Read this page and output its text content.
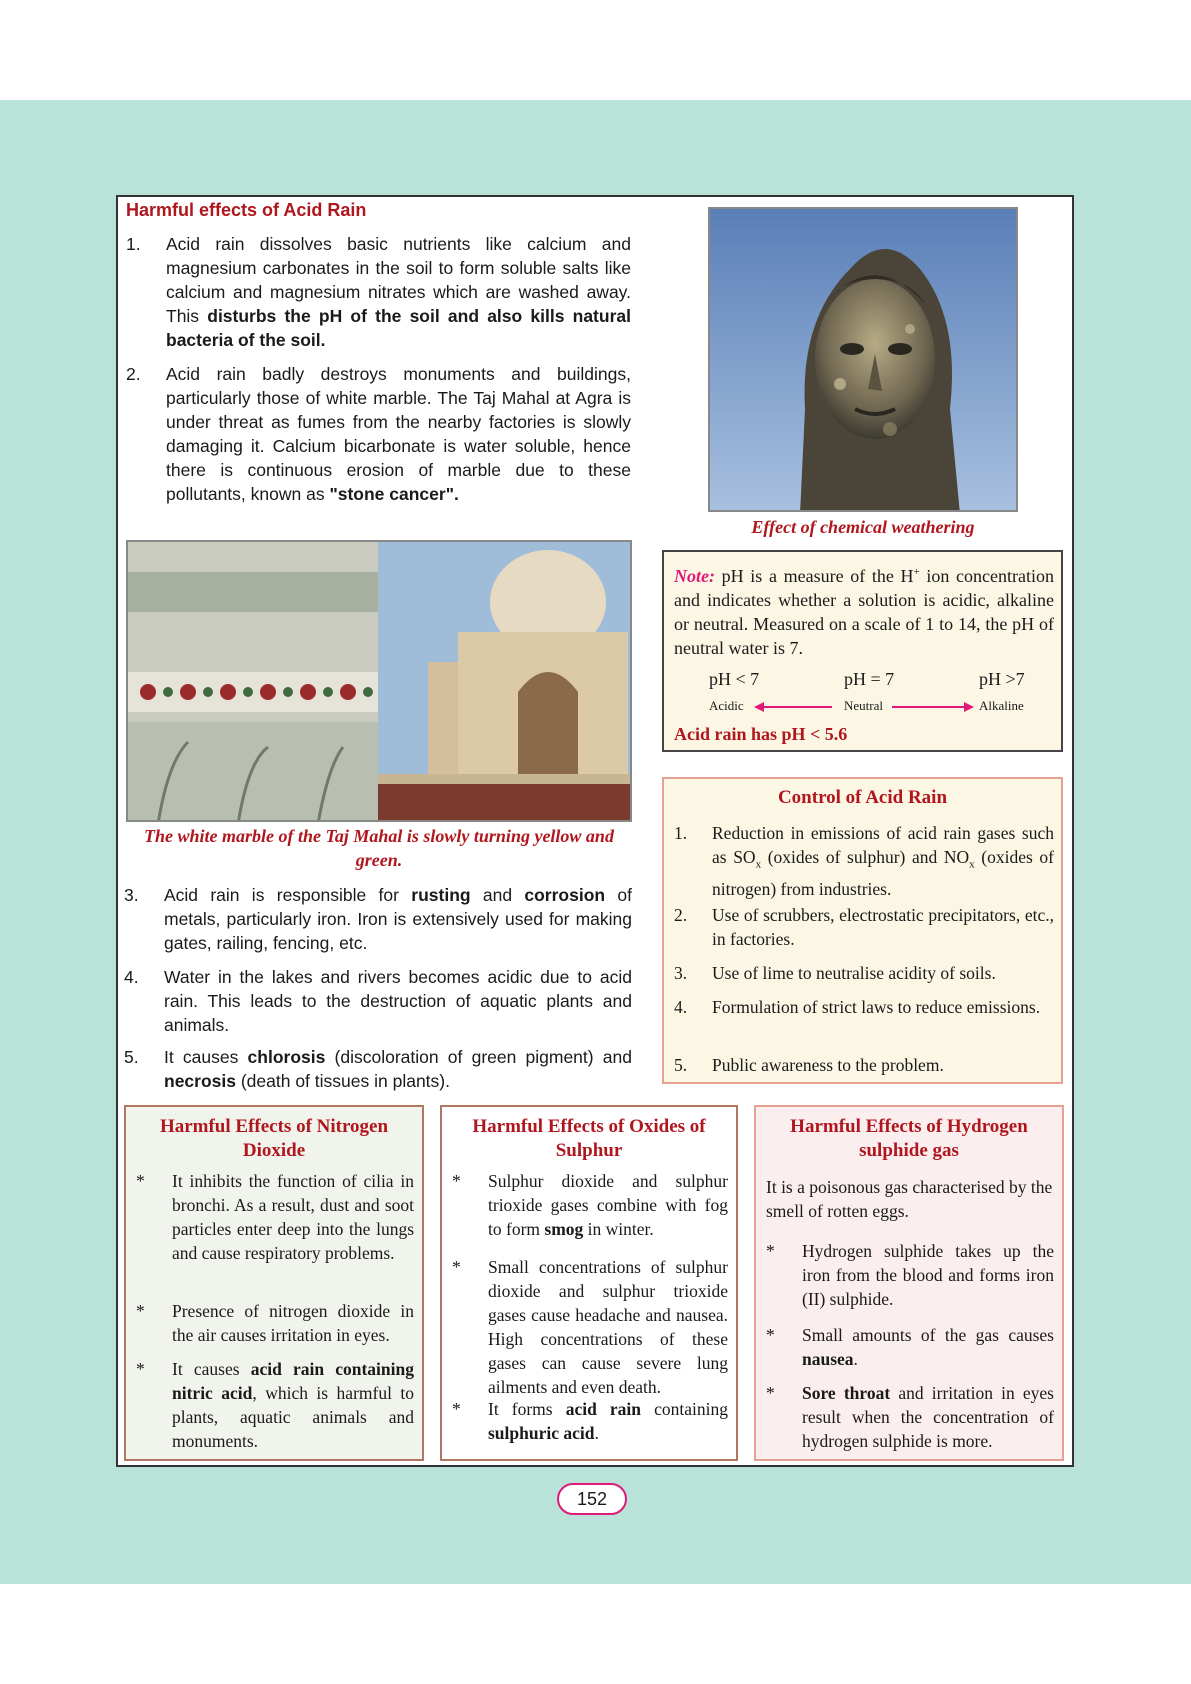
Harmful effects of Acid Rain
1. Acid rain dissolves basic nutrients like calcium and magnesium carbonates in the soil to form soluble salts like calcium and magnesium nitrates which are washed away. This disturbs the pH of the soil and also kills natural bacteria of the soil.
2. Acid rain badly destroys monuments and buildings, particularly those of white marble. The Taj Mahal at Agra is under threat as fumes from the nearby factories is slowly damaging it. Calcium bicarbonate is water soluble, hence there is continuous erosion of marble due to these pollutants, known as "stone cancer".
Effect of chemical weathering
The white marble of the Taj Mahal is slowly turning yellow and green.
3. Acid rain is responsible for rusting and corrosion of metals, particularly iron. Iron is extensively used for making gates, railing, fencing, etc.
4. Water in the lakes and rivers becomes acidic due to acid rain. This leads to the destruction of aquatic plants and animals.
5. It causes chlorosis (discoloration of green pigment) and necrosis (death of tissues in plants).
Note: pH is a measure of the H+ ion concentration and indicates whether a solution is acidic, alkaline or neutral. Measured on a scale of 1 to 14, the pH of neutral water is 7.
pH < 7	pH = 7	pH >7
Acidic	Neutral	Alkaline
Acid rain has pH < 5.6
Control of Acid Rain
1. Reduction in emissions of acid rain gases such as $SO_x$ (oxides of sulphur) and $NO_x$ (oxides of nitrogen) from industries.
2. Use of scrubbers, electrostatic precipitators, etc., in factories.
3. Use of lime to neutralise acidity of soils.
4. Formulation of strict laws to reduce emissions.
5. Public awareness to the problem.
Harmful Effects of Nitrogen Dioxide
* It inhibits the function of cilia in bronchi. As a result, dust and soot particles enter deep into the lungs and cause respiratory problems.
* Presence of nitrogen dioxide in the air causes irritation in eyes.
* It causes acid rain containing nitric acid, which is harmful to plants, aquatic animals and monuments.
Harmful Effects of Oxides of Sulphur
* Sulphur dioxide and sulphur trioxide gases combine with fog to form smog in winter.
* Small concentrations of sulphur dioxide and sulphur trioxide gases cause headache and nausea. High concentrations of these gases can cause severe lung ailments and even death.
* It forms acid rain containing sulphuric acid.
Harmful Effects of Hydrogen sulphide gas
It is a poisonous gas characterised by the smell of rotten eggs.
* Hydrogen sulphide takes up the iron from the blood and forms iron (II) sulphide.
* Small amounts of the gas causes nausea.
* Sore throat and irritation in eyes result when the concentration of hydrogen sulphide is more.
152
